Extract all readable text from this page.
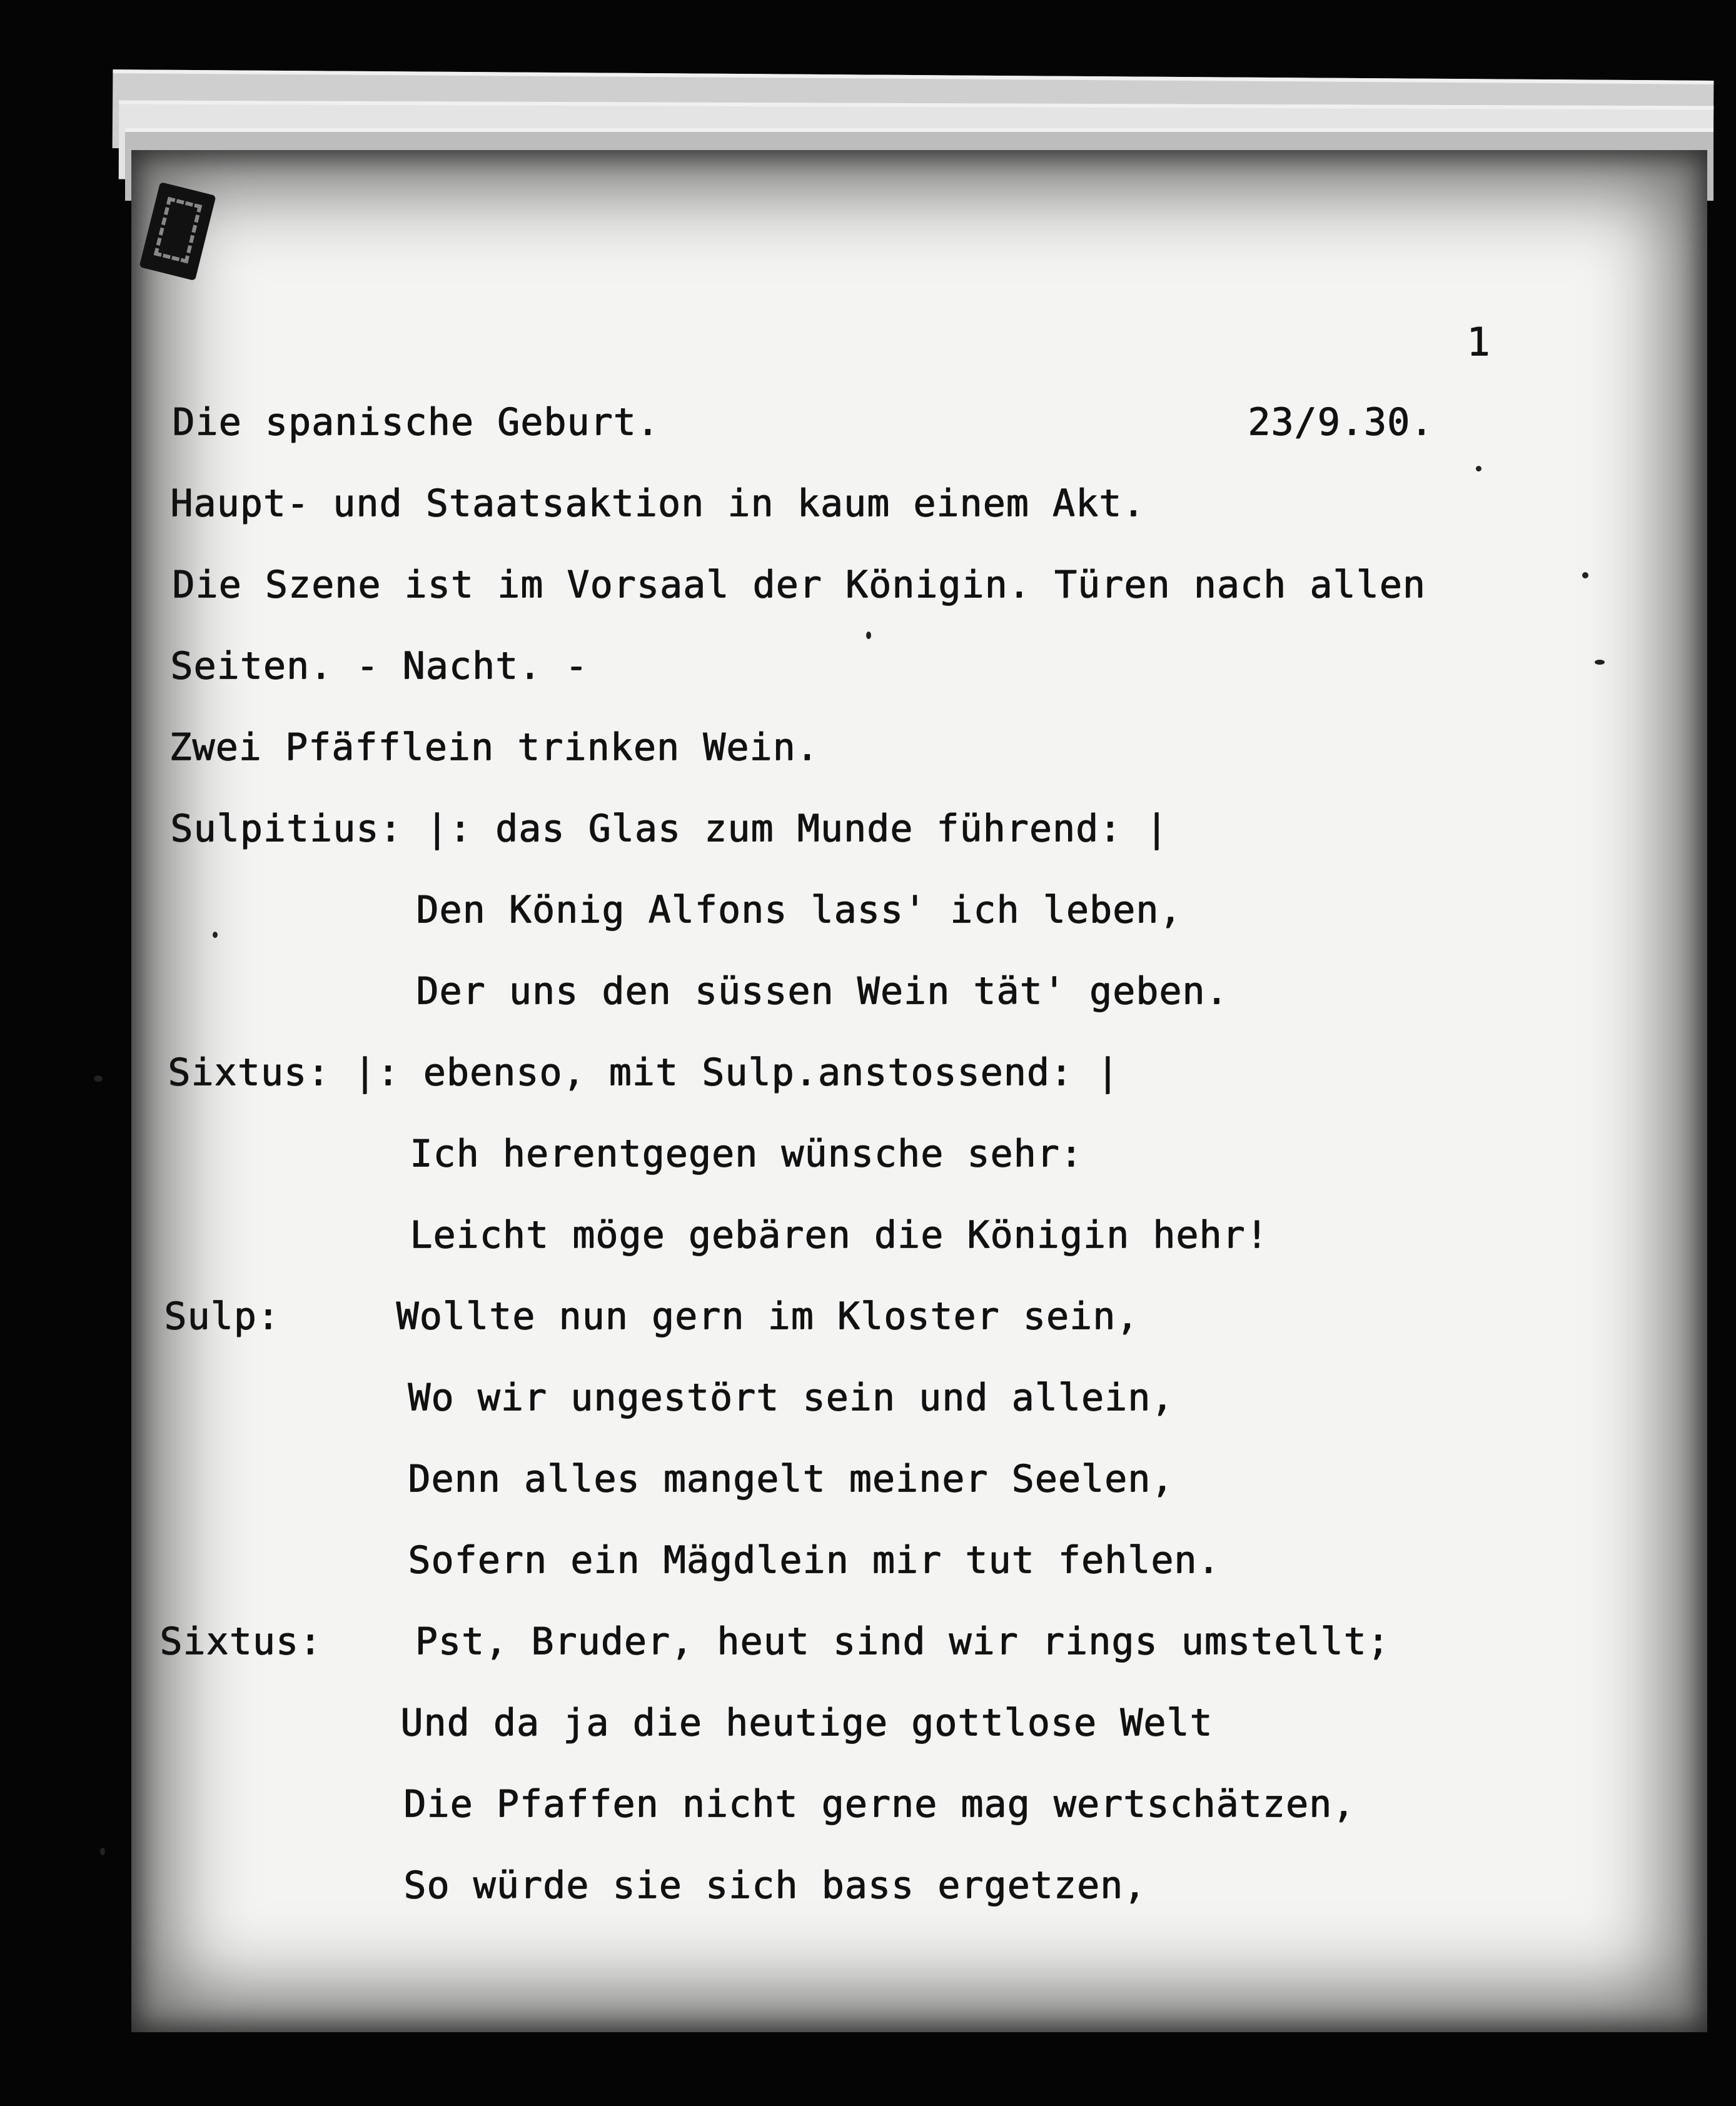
1

23/9.30.

Die spanische Geburt.

Haupt- und Staatsaktion in kaum einem Akt.

Die Szene ist im Vorsaal der Königin. Türen nach allen

Seiten. - Nacht. -

Zwei Pfäfflein trinken Wein.

Sulpitius: |: das Glas zum Munde führend: |

Den König Alfons lass' ich leben,

Der uns den süssen Wein tät' geben.

Sixtus: |: ebenso, mit Sulp.anstossend: |

Ich herentgegen wünsche sehr:

Leicht möge gebären die Königin hehr!

Sulp:     Wollte nun gern im Kloster sein,

Wo wir ungestört sein und allein,

Denn alles mangelt meiner Seelen,

Sofern ein Mägdlein mir tut fehlen.

Sixtus:    Pst, Bruder, heut sind wir rings umstellt;

Und da ja die heutige gottlose Welt

Die Pfaffen nicht gerne mag wertschätzen,

So würde sie sich bass ergetzen,
